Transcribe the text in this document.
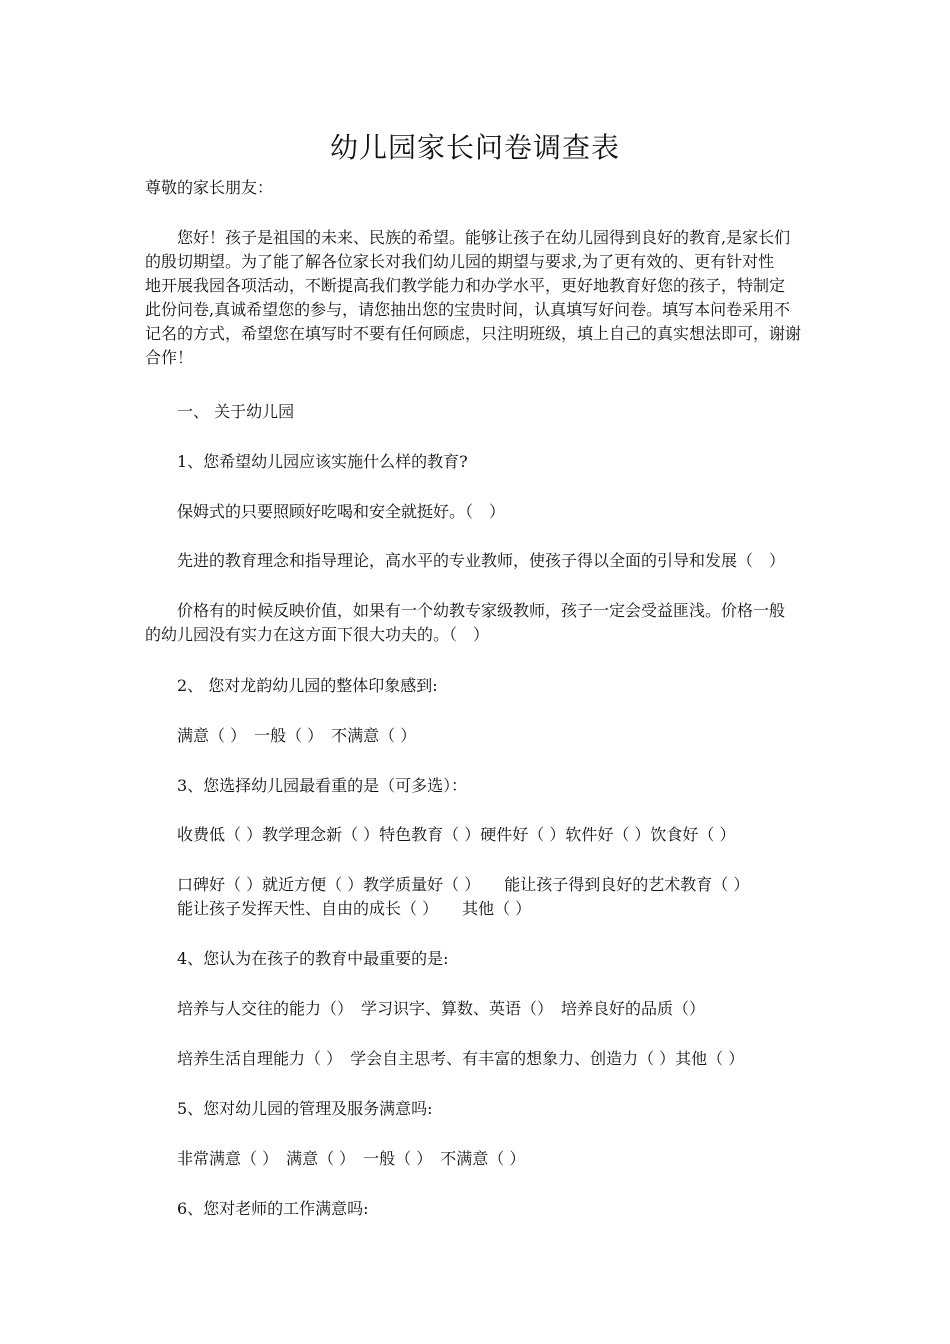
幼儿园家长问卷调查表
尊敬的家长朋友：
您好！孩子是祖国的未来、民族的希望。能够让孩子在幼儿园得到良好的教育,是家长们
的殷切期望。为了能了解各位家长对我们幼儿园的期望与要求,为了更有效的、更有针对性
地开展我园各项活动，不断提高我们教学能力和办学水平，更好地教育好您的孩子，特制定
此份问卷,真诚希望您的参与，请您抽出您的宝贵时间，认真填写好问卷。填写本问卷采用不
记名的方式，希望您在填写时不要有任何顾虑，只注明班级，填上自己的真实想法即可，谢谢
合作！
一、 关于幼儿园
1、您希望幼儿园应该实施什么样的教育?
保姆式的只要照顾好吃喝和安全就挺好。（　）
先进的教育理念和指导理论，高水平的专业教师，使孩子得以全面的引导和发展（　）
价格有的时候反映价值，如果有一个幼教专家级教师，孩子一定会受益匪浅。价格一般
的幼儿园没有实力在这方面下很大功夫的。（　）
2、 您对龙韵幼儿园的整体印象感到:
满意（ ）　一般（ ）　不满意（ ）
3、您选择幼儿园最看重的是（可多选）：
收费低（ ）教学理念新（ ）特色教育（ ）硬件好（ ）软件好（ ）饮食好（ ）
口碑好（ ）就近方便（ ）教学质量好（ ）　　能让孩子得到良好的艺术教育（ ）
能让孩子发挥天性、自由的成长（ ）　　其他（ ）
4、您认为在孩子的教育中最重要的是:
培养与人交往的能力（）　学习识字、算数、英语（）　培养良好的品质（）
培养生活自理能力（ ）　学会自主思考、有丰富的想象力、创造力（ ）其他（ ）
5、您对幼儿园的管理及服务满意吗:
非常满意（ ）　满意（ ）　一般（ ）　不满意（ ）
6、您对老师的工作满意吗:
